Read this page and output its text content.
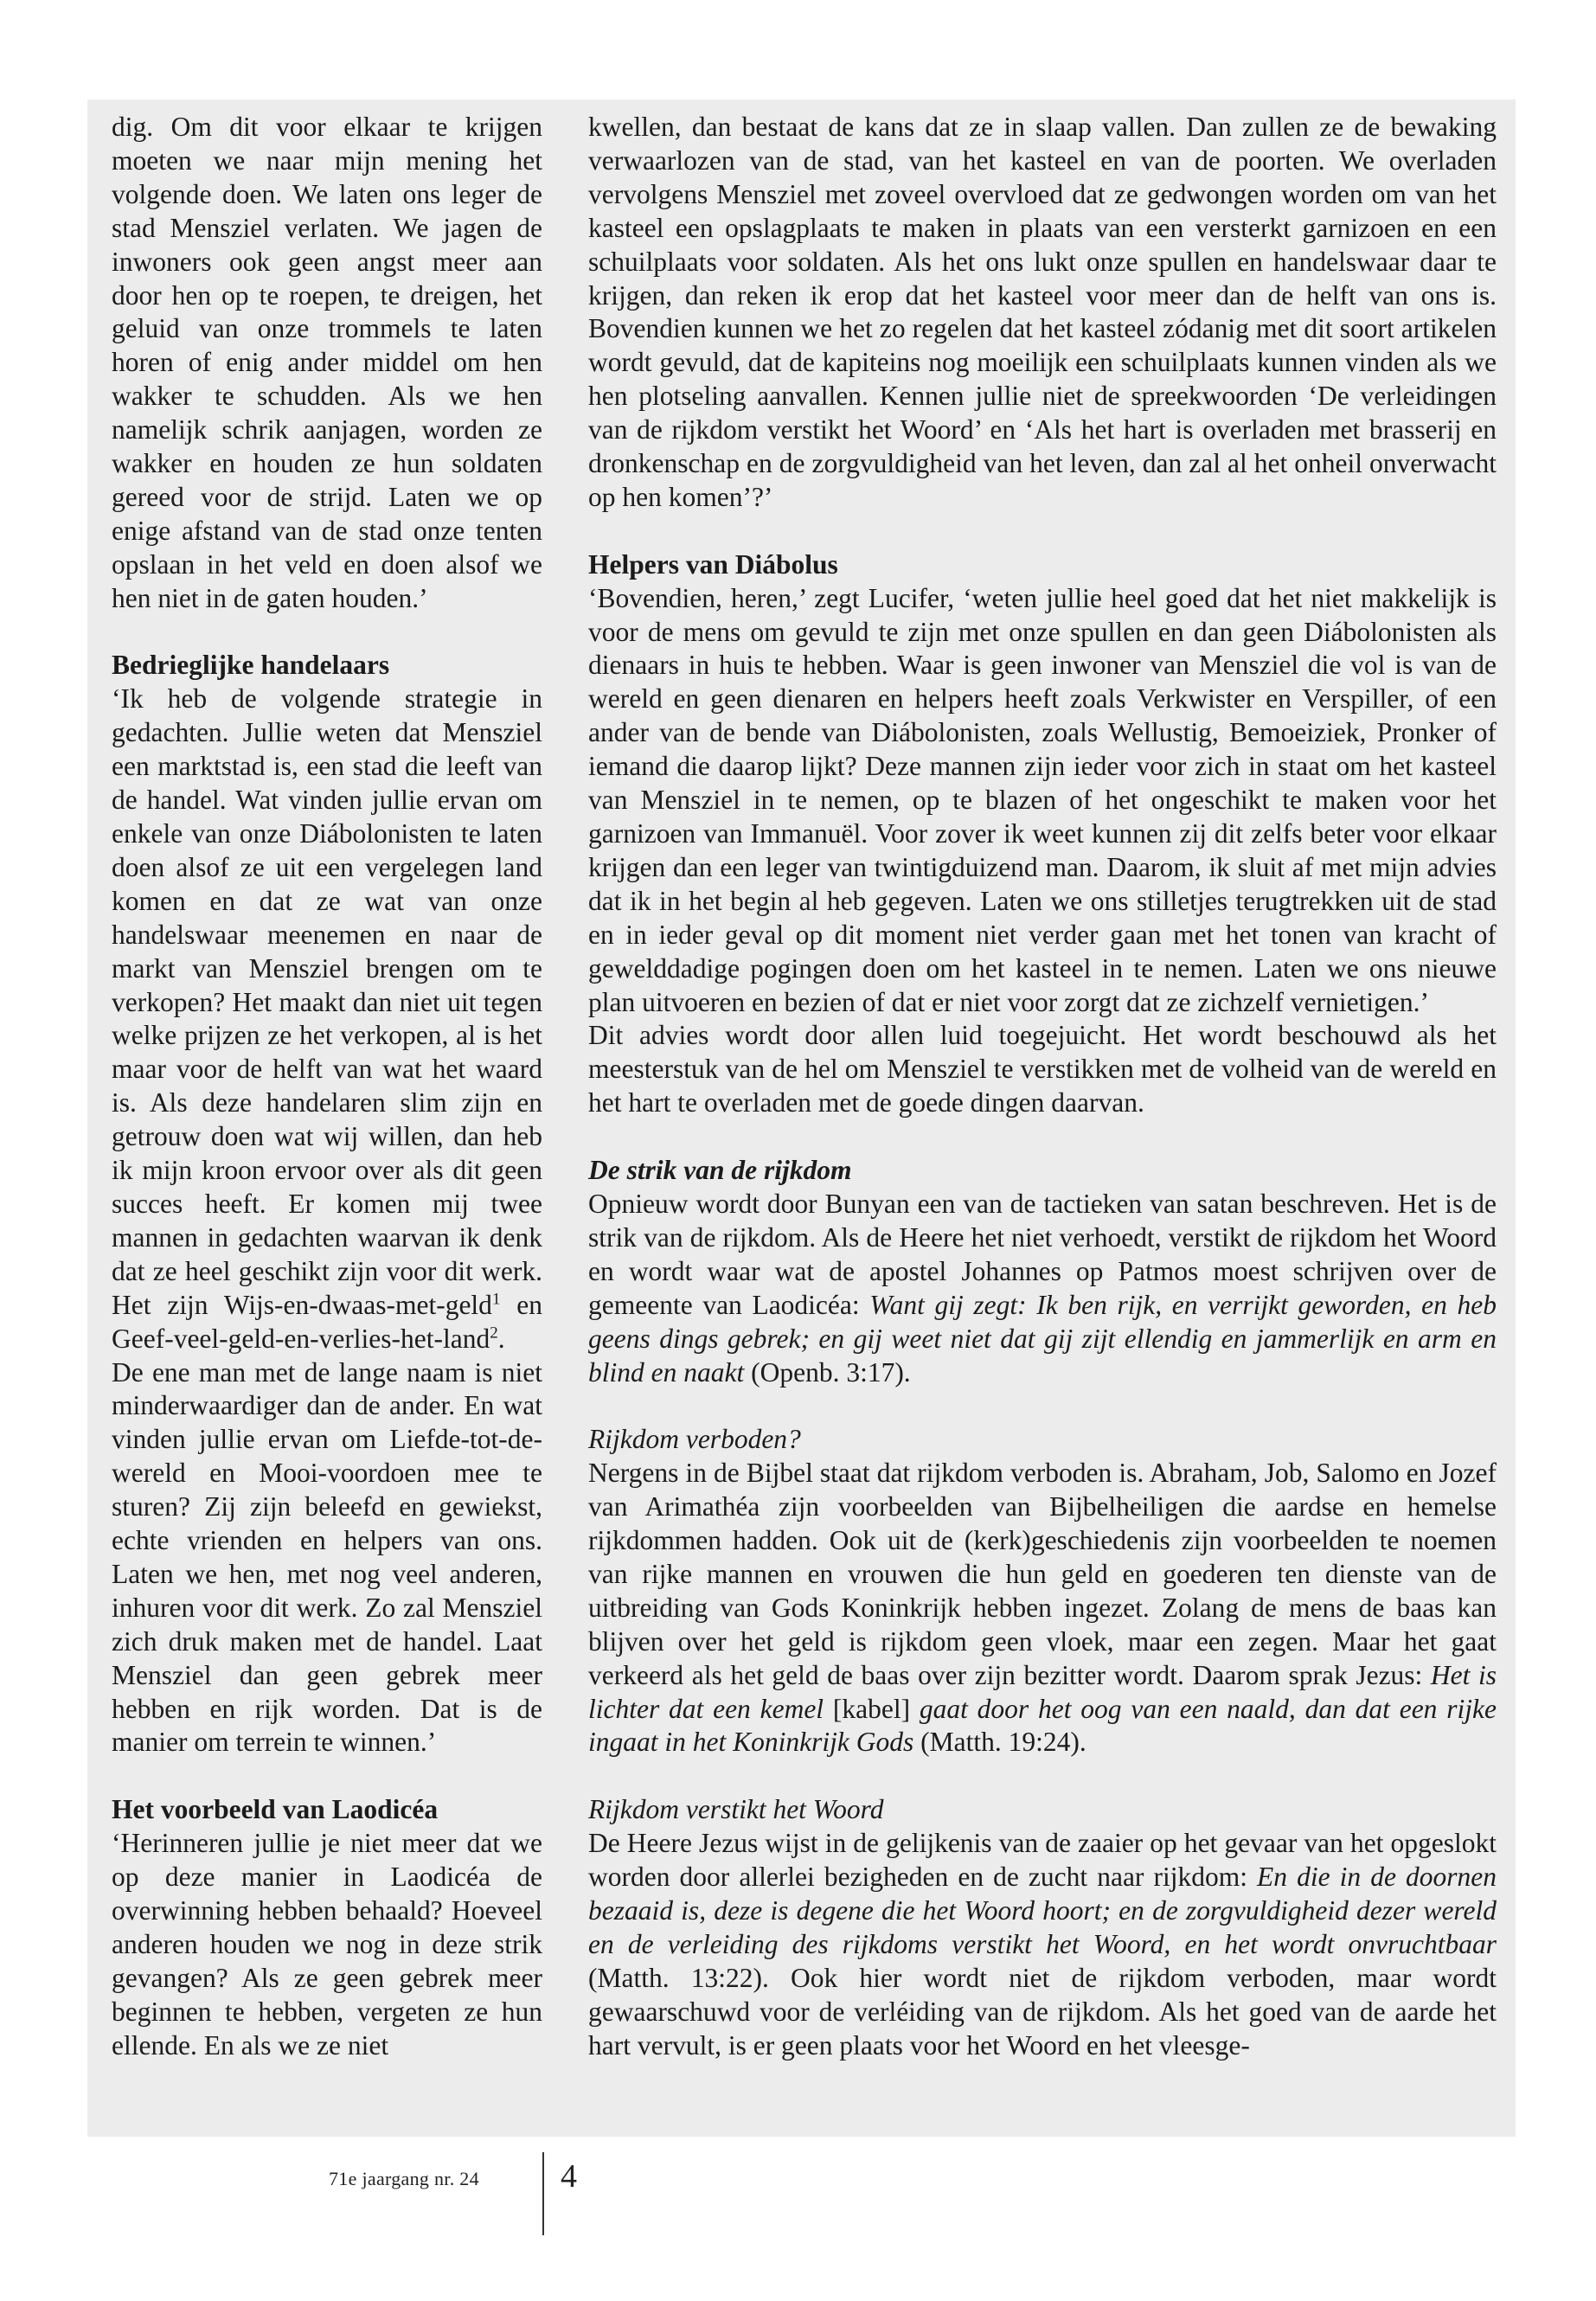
dig. Om dit voor elkaar te krijgen moeten we naar mijn mening het volgende doen. We laten ons leger de stad Mensziel verlaten. We jagen de inwoners ook geen angst meer aan door hen op te roepen, te dreigen, het geluid van onze trommels te laten horen of enig ander middel om hen wakker te schudden. Als we hen namelijk schrik aanjagen, worden ze wakker en houden ze hun soldaten gereed voor de strijd. Laten we op enige afstand van de stad onze tenten opslaan in het veld en doen alsof we hen niet in de gaten houden.’

Bedrieglijke handelaars

‘Ik heb de volgende strategie in gedachten. Jullie weten dat Mensziel een marktstad is, een stad die leeft van de handel. Wat vinden jullie ervan om enkele van onze Diábolonisten te laten doen alsof ze uit een vergelegen land komen en dat ze wat van onze handelswaar meenemen en naar de markt van Mensziel brengen om te verkopen? Het maakt dan niet uit tegen welke prijzen ze het verkopen, al is het maar voor de helft van wat het waard is. Als deze handelaren slim zijn en getrouw doen wat wij willen, dan heb ik mijn kroon ervoor over als dit geen succes heeft. Er komen mij twee mannen in gedachten waarvan ik denk dat ze heel geschikt zijn voor dit werk. Het zijn Wijs-en-dwaas-met-geld$^1$ en Geef-veel-geld-en-verlies-het-land$^2$. De ene man met de lange naam is niet minderwaardiger dan de ander. En wat vinden jullie ervan om Liefde-tot-de-wereld en Mooi-voordoen mee te sturen? Zij zijn beleefd en gewiekst, echte vrienden en helpers van ons. Laten we hen, met nog veel anderen, inhuren voor dit werk. Zo zal Mensziel zich druk maken met de handel. Laat Mensziel dan geen gebrek meer hebben en rijk worden. Dat is de manier om terrein te winnen.’

Het voorbeeld van Laodicéa

‘Herinneren jullie je niet meer dat we op deze manier in Laodicéa de overwinning hebben behaald? Hoeveel anderen houden we nog in deze strik gevangen? Als ze geen gebrek meer beginnen te hebben, vergeten ze hun ellende. En als we ze niet

kwellen, dan bestaat de kans dat ze in slaap vallen. Dan zullen ze de bewaking verwaarlozen van de stad, van het kasteel en van de poorten. We overladen vervolgens Mensziel met zoveel overvloed dat ze gedwongen worden om van het kasteel een opslagplaats te maken in plaats van een versterkt garnizoen en een schuilplaats voor soldaten. Als het ons lukt onze spullen en handelswaar daar te krijgen, dan reken ik erop dat het kasteel voor meer dan de helft van ons is. Bovendien kunnen we het zo regelen dat het kasteel zódanig met dit soort artikelen wordt gevuld, dat de kapiteins nog moeilijk een schuilplaats kunnen vinden als we hen plotseling aanvallen. Kennen jullie niet de spreekwoorden ‘De verleidingen van de rijkdom verstikt het Woord’ en ‘Als het hart is overladen met brasserij en dronkenschap en de zorgvuldigheid van het leven, dan zal al het onheil onverwacht op hen komen’?’

Helpers van Diábolus

‘Bovendien, heren,’ zegt Lucifer, ‘weten jullie heel goed dat het niet makkelijk is voor de mens om gevuld te zijn met onze spullen en dan geen Diábolonisten als dienaars in huis te hebben. Waar is geen inwoner van Mensziel die vol is van de wereld en geen dienaren en helpers heeft zoals Verkwister en Verspiller, of een ander van de bende van Diábolonisten, zoals Wellustig, Bemoeiziek, Pronker of iemand die daarop lijkt? Deze mannen zijn ieder voor zich in staat om het kasteel van Mensziel in te nemen, op te blazen of het ongeschikt te maken voor het garnizoen van Immanuël. Voor zover ik weet kunnen zij dit zelfs beter voor elkaar krijgen dan een leger van twintigduizend man. Daarom, ik sluit af met mijn advies dat ik in het begin al heb gegeven. Laten we ons stilletjes terugtrekken uit de stad en in ieder geval op dit moment niet verder gaan met het tonen van kracht of gewelddadige pogingen doen om het kasteel in te nemen. Laten we ons nieuwe plan uitvoeren en bezien of dat er niet voor zorgt dat ze zichzelf vernietigen.’

Dit advies wordt door allen luid toegejuicht. Het wordt beschouwd als het meesterstuk van de hel om Mensziel te verstikken met de volheid van de wereld en het hart te overladen met de goede dingen daarvan.

De strik van de rijkdom

Opnieuw wordt door Bunyan een van de tactieken van satan beschreven. Het is de strik van de rijkdom. Als de Heere het niet verhoedt, verstikt de rijkdom het Woord en wordt waar wat de apostel Johannes op Patmos moest schrijven over de gemeente van Laodicéa: Want gij zegt: Ik ben rijk, en verrijkt geworden, en heb geens dings gebrek; en gij weet niet dat gij zijt ellendig en jammerlijk en arm en blind en naakt (Openb. 3:17).

Rijkdom verboden?

Nergens in de Bijbel staat dat rijkdom verboden is. Abraham, Job, Salomo en Jozef van Arimathéa zijn voorbeelden van Bijbelheiligen die aardse en hemelse rijkdommen hadden. Ook uit de (kerk)geschiedenis zijn voorbeelden te noemen van rijke mannen en vrouwen die hun geld en goederen ten dienste van de uitbreiding van Gods Koninkrijk hebben ingezet. Zolang de mens de baas kan blijven over het geld is rijkdom geen vloek, maar een zegen. Maar het gaat verkeerd als het geld de baas over zijn bezitter wordt. Daarom sprak Jezus: Het is lichter dat een kemel [kabel] gaat door het oog van een naald, dan dat een rijke ingaat in het Koninkrijk Gods (Matth. 19:24).

Rijkdom verstikt het Woord

De Heere Jezus wijst in de gelijkenis van de zaaier op het gevaar van het opgeslokt worden door allerlei bezigheden en de zucht naar rijkdom: En die in de doornen bezaaid is, deze is degene die het Woord hoort; en de zorgvuldigheid dezer wereld en de verleiding des rijkdoms verstikt het Woord, en het wordt onvruchtbaar (Matth. 13:22). Ook hier wordt niet de rijkdom verboden, maar wordt gewaarschuwd voor de verléiding van de rijkdom. Als het goed van de aarde het hart vervult, is er geen plaats voor het Woord en het vleesge-

71e jaargang nr. 24 4
